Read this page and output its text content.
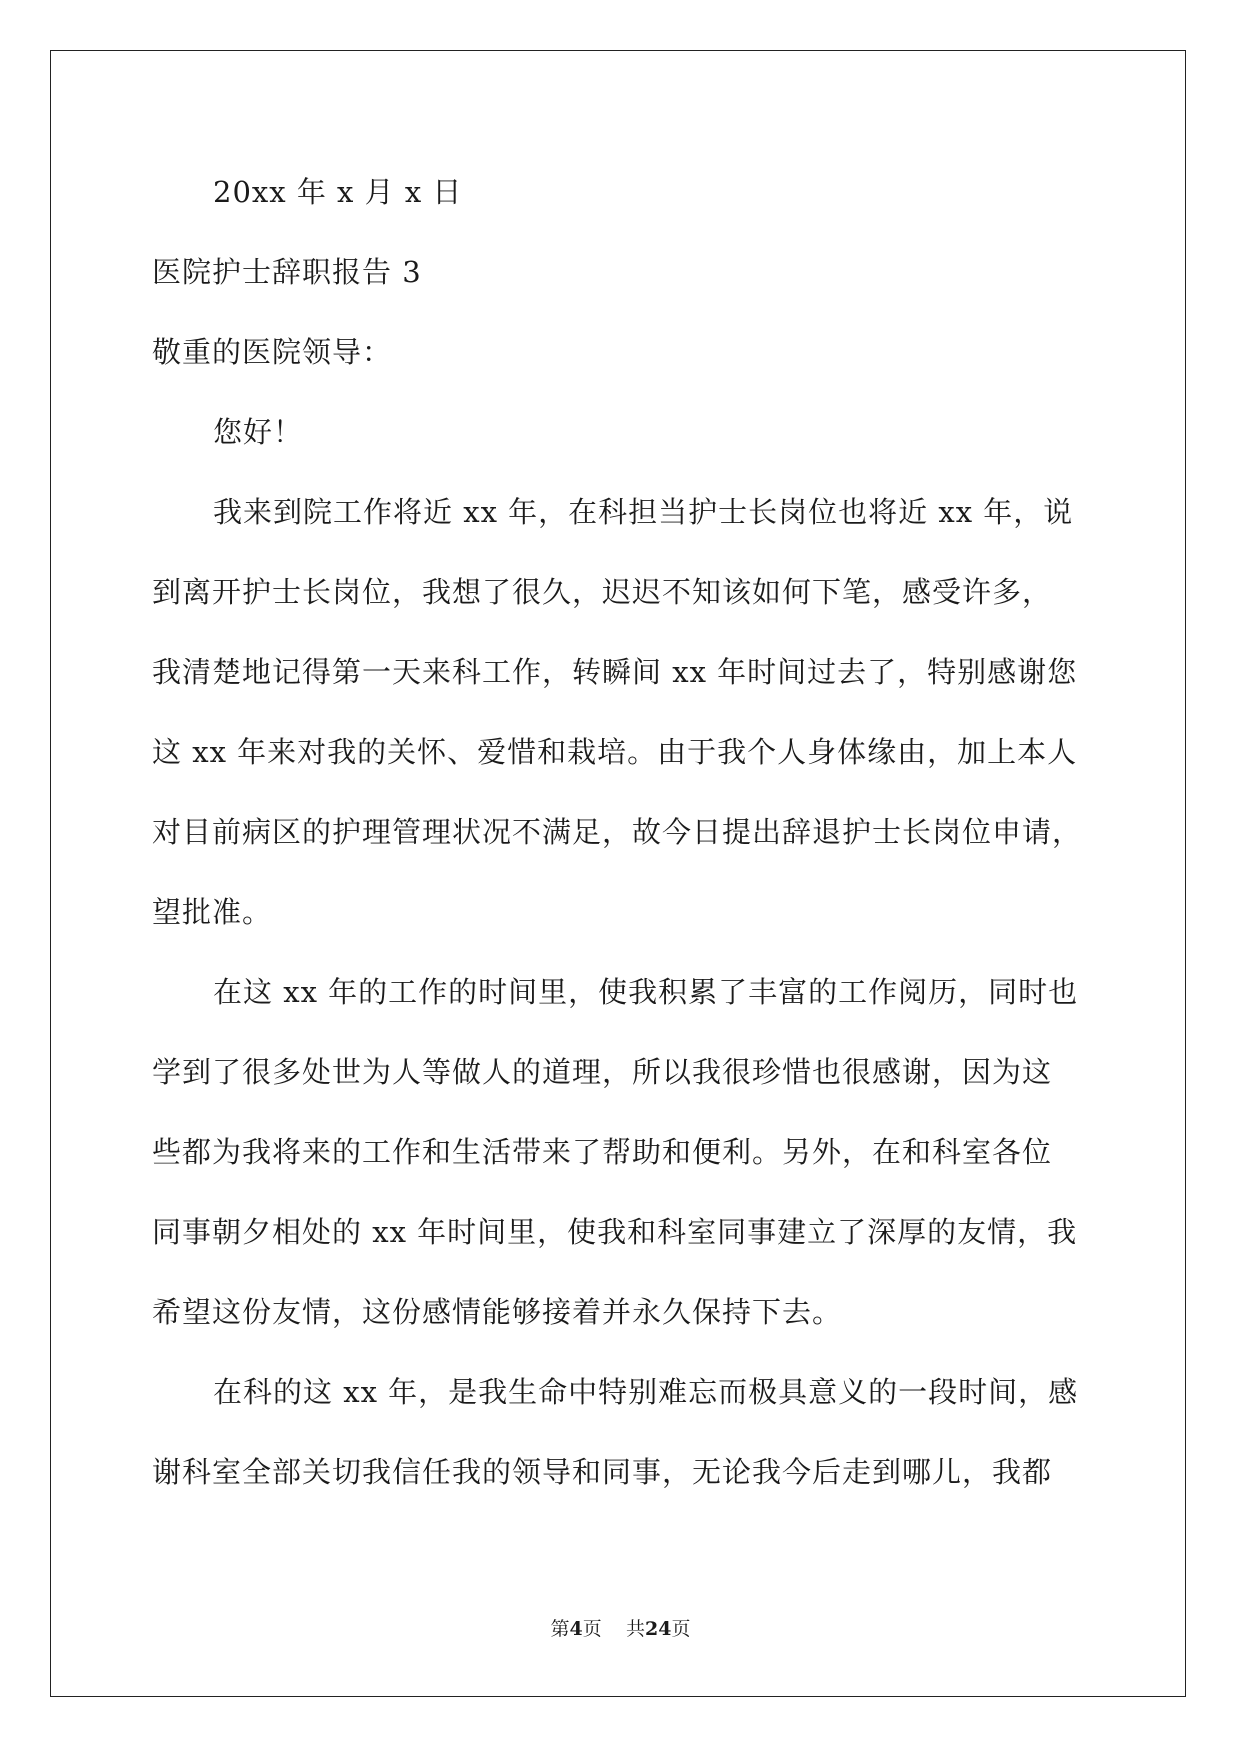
20xx 年 x 月 x 日
医院护士辞职报告 3
敬重的医院领导：
您好！
我来到院工作将近 xx 年，在科担当护士长岗位也将近 xx 年，说
到离开护士长岗位，我想了很久，迟迟不知该如何下笔，感受许多，
我清楚地记得第一天来科工作，转瞬间 xx 年时间过去了，特别感谢您
这 xx 年来对我的关怀、爱惜和栽培。由于我个人身体缘由，加上本人
对目前病区的护理管理状况不满足，故今日提出辞退护士长岗位申请，
望批准。
在这 xx 年的工作的时间里，使我积累了丰富的工作阅历，同时也
学到了很多处世为人等做人的道理，所以我很珍惜也很感谢，因为这
些都为我将来的工作和生活带来了帮助和便利。另外，在和科室各位
同事朝夕相处的 xx 年时间里，使我和科室同事建立了深厚的友情，我
希望这份友情，这份感情能够接着并永久保持下去。
在科的这 xx 年，是我生命中特别难忘而极具意义的一段时间，感
谢科室全部关切我信任我的领导和同事，无论我今后走到哪儿，我都
第4页 共24页
